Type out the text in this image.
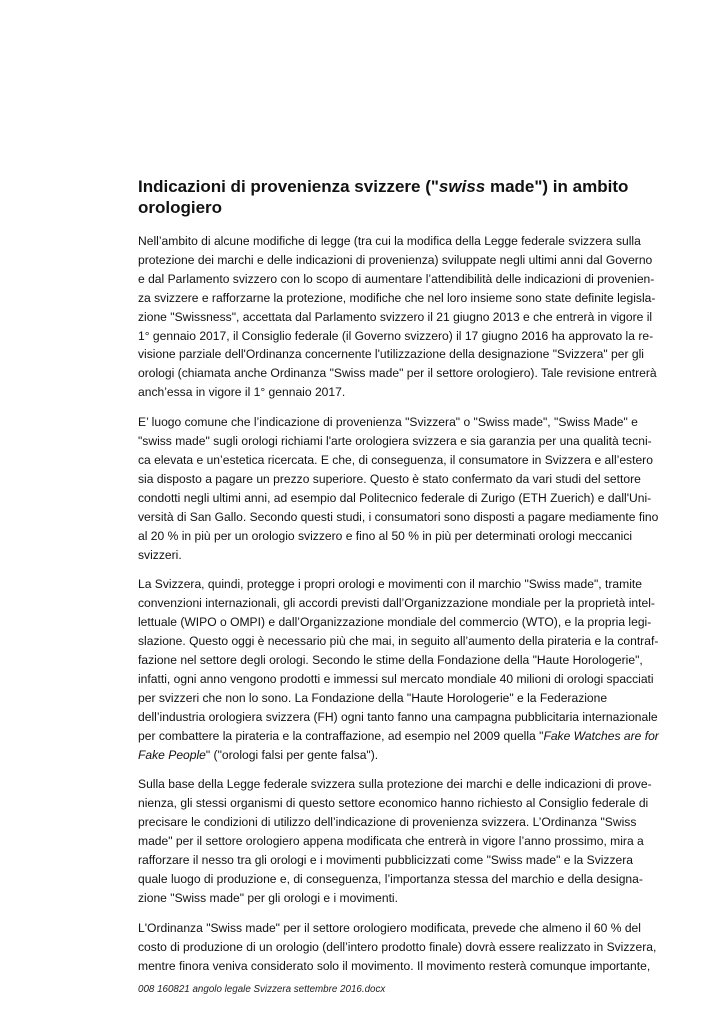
Indicazioni di provenienza svizzere ("swiss made") in ambito orologiero

Nell’ambito di alcune modifiche di legge (tra cui la modifica della Legge federale svizzera sulla protezione dei marchi e delle indicazioni di provenienza) sviluppate negli ultimi anni dal Governo e dal Parlamento svizzero con lo scopo di aumentare l’attendibilità delle indicazioni di provenienza svizzere e rafforzarne la protezione, modifiche che nel loro insieme sono state definite legislazione "Swissness", accettata dal Parlamento svizzero il 21 giugno 2013 e che entrerà in vigore il 1° gennaio 2017, il Consiglio federale (il Governo svizzero) il 17 giugno 2016 ha approvato la revisione parziale dell'Ordinanza concernente l'utilizzazione della designazione "Svizzera" per gli orologi (chiamata anche Ordinanza "Swiss made" per il settore orologiero). Tale revisione entrerà anch’essa in vigore il 1° gennaio 2017.

E’ luogo comune che l’indicazione di provenienza "Svizzera" o "Swiss made", "Swiss Made" e "swiss made" sugli orologi richiami l'arte orologiera svizzera e sia garanzia per una qualità tecnica elevata e un’estetica ricercata. E che, di conseguenza, il consumatore in Svizzera e all’estero sia disposto a pagare un prezzo superiore. Questo è stato confermato da vari studi del settore condotti negli ultimi anni, ad esempio dal Politecnico federale di Zurigo (ETH Zuerich) e dall'Università di San Gallo. Secondo questi studi, i consumatori sono disposti a pagare mediamente fino al 20 % in più per un orologio svizzero e fino al 50 % in più per determinati orologi meccanici svizzeri.

La Svizzera, quindi, protegge i propri orologi e movimenti con il marchio "Swiss made", tramite convenzioni internazionali, gli accordi previsti dall’Organizzazione mondiale per la proprietà intellettuale (WIPO o OMPI) e dall’Organizzazione mondiale del commercio (WTO), e la propria legislazione. Questo oggi è necessario più che mai, in seguito all’aumento della pirateria e la contraffazione nel settore degli orologi. Secondo le stime della Fondazione della "Haute Horologerie", infatti, ogni anno vengono prodotti e immessi sul mercato mondiale 40 milioni di orologi spacciati per svizzeri che non lo sono. La Fondazione della "Haute Horologerie" e la Federazione dell’industria orologiera svizzera (FH) ogni tanto fanno una campagna pubblicitaria internazionale per combattere la pirateria e la contraffazione, ad esempio nel 2009 quella "Fake Watches are for Fake People" ("orologi falsi per gente falsa").

Sulla base della Legge federale svizzera sulla protezione dei marchi e delle indicazioni di provenienza, gli stessi organismi di questo settore economico hanno richiesto al Consiglio federale di precisare le condizioni di utilizzo dell’indicazione di provenienza svizzera. L’Ordinanza "Swiss made" per il settore orologiero appena modificata che entrerà in vigore l’anno prossimo, mira a rafforzare il nesso tra gli orologi e i movimenti pubblicizzati come "Swiss made" e la Svizzera quale luogo di produzione e, di conseguenza, l’importanza stessa del marchio e della designazione "Swiss made" per gli orologi e i movimenti.

L'Ordinanza "Swiss made" per il settore orologiero modificata, prevede che almeno il 60 % del costo di produzione di un orologio (dell’intero prodotto finale) dovrà essere realizzato in Svizzera, mentre finora veniva considerato solo il movimento. Il movimento resterà comunque importante,

008 160821 angolo legale Svizzera settembre 2016.docx
